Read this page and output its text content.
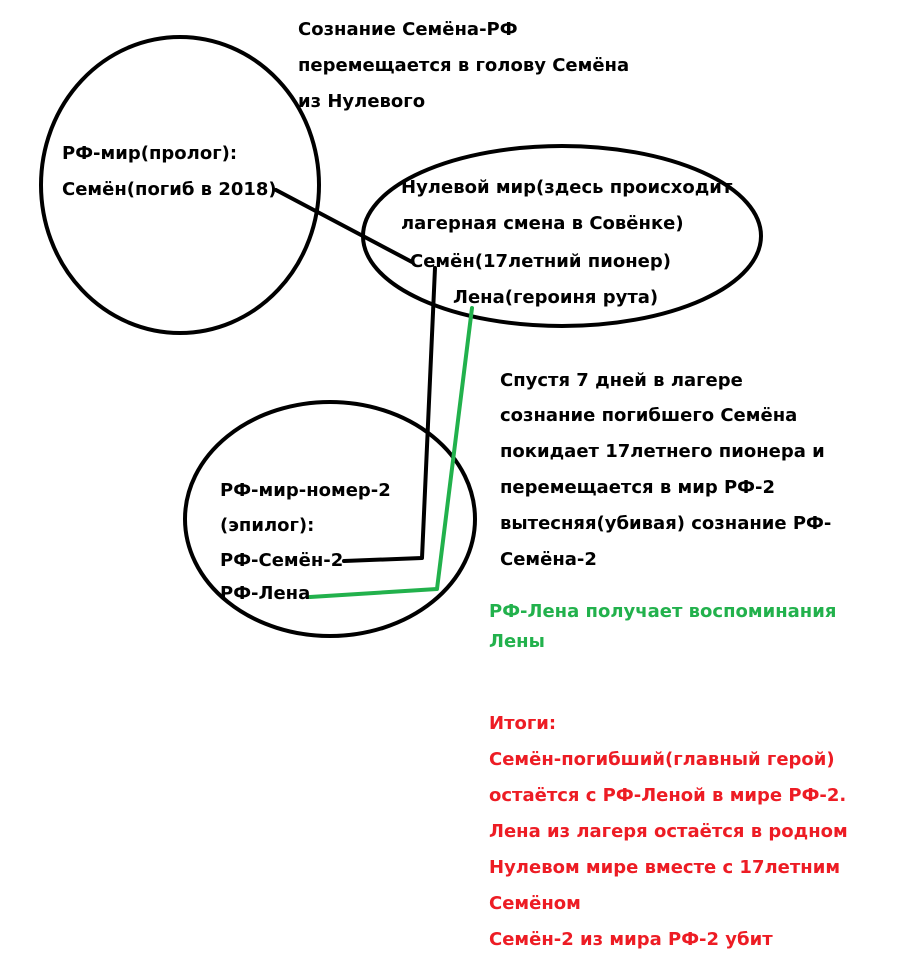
Сознание Семёна-РФ

перемещается в голову Семёна

из Нулевого

РФ-мир(пролог):

Семён(погиб в 2018)	Нулевой мир(здесь происходит

лагерная смена в Совёнке)

Семён(17летний пионер)

Лена(героиня рута)

РФ-мир-номер-2

(эпилог):

РФ-Семён-2

РФ-Лена

Спустя 7 дней в лагере

сознание погибшего Семёна

покидает 17летнего пионера и

перемещается в мир РФ-2

вытесняя(убивая) сознание РФ-

Семёна-2

РФ-Лена получает воспоминания

Лены

Итоги:

Семён-погибший(главный герой)

остаётся с РФ-Леной в мире РФ-2.

Лена из лагеря остаётся в родном

Нулевом мире вместе с 17летним

Семёном

Семён-2 из мира РФ-2 убит
